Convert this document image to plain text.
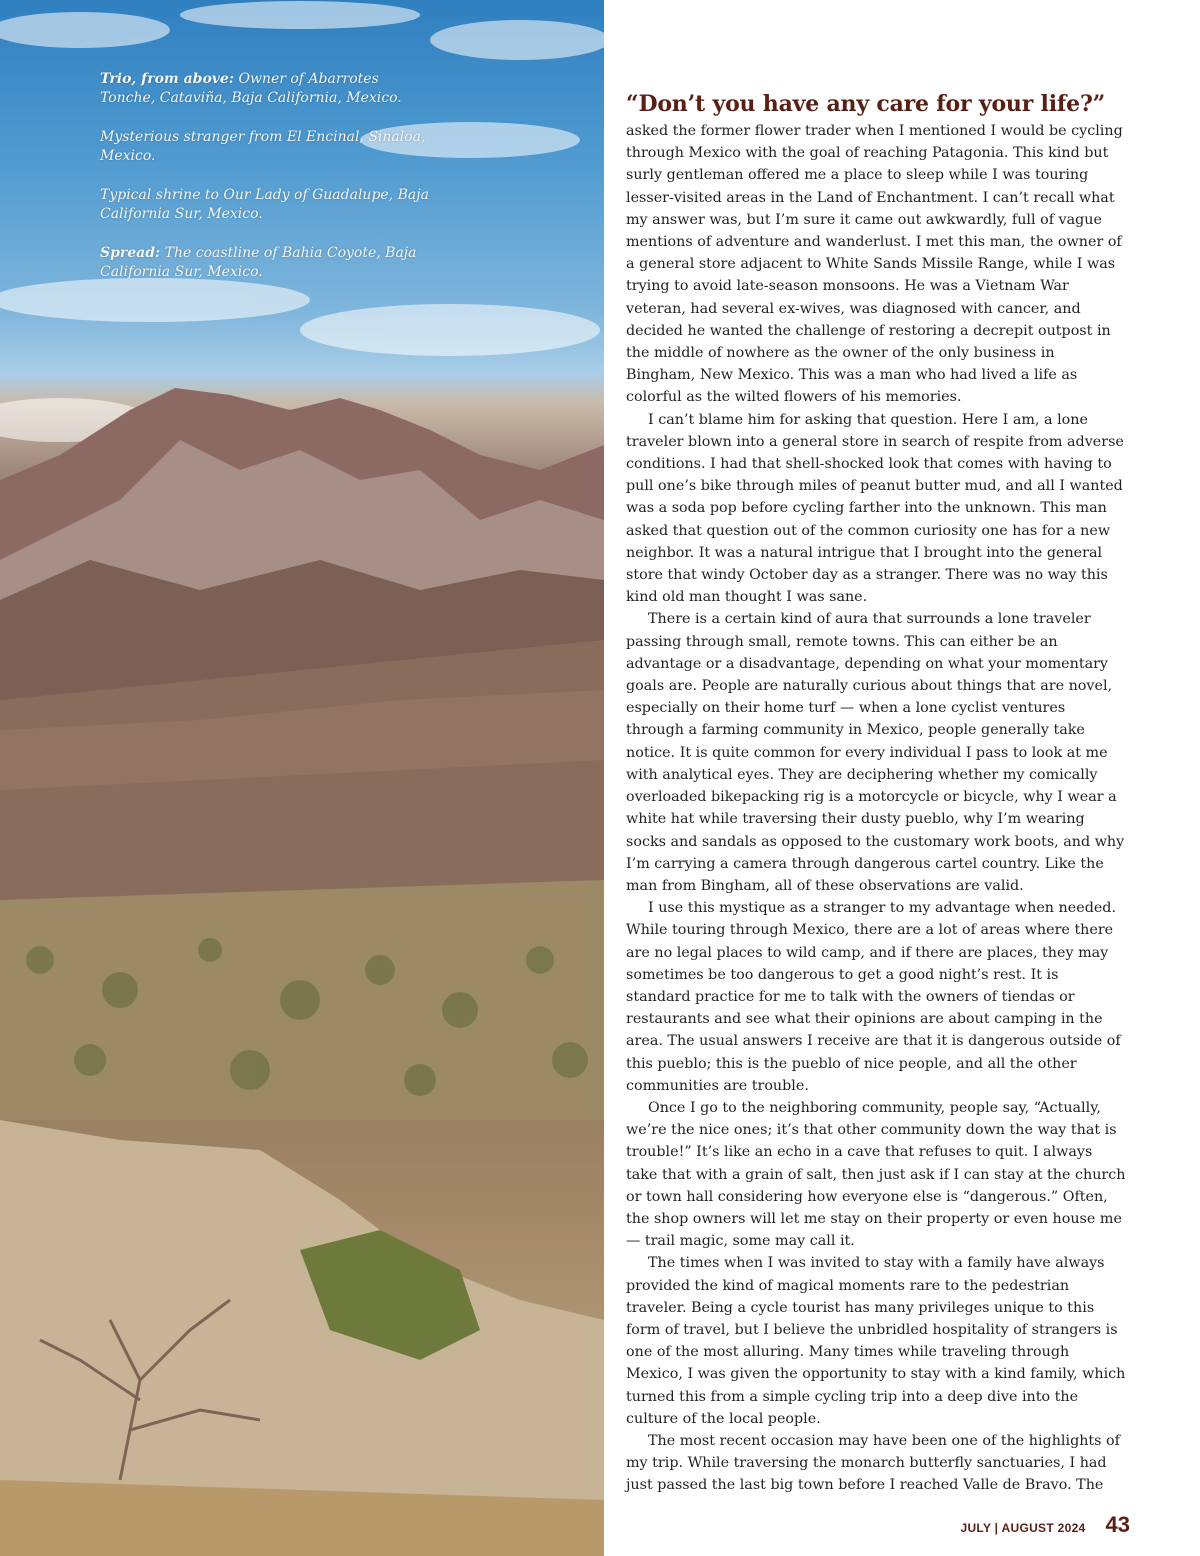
Trio, from above: Owner of Abarrotes Tonche, Cataviña, Baja California, Mexico.

Mysterious stranger from El Encinal, Sinaloa, Mexico.

Typical shrine to Our Lady of Guadalupe, Baja California Sur, Mexico.

Spread: The coastline of Bahia Coyote, Baja California Sur, Mexico.

“Don’t you have any care for your life?”

asked the former flower trader when I mentioned I would be cycling through Mexico with the goal of reaching Patagonia. This kind but surly gentleman offered me a place to sleep while I was touring lesser-visited areas in the Land of Enchantment. I can’t recall what my answer was, but I’m sure it came out awkwardly, full of vague mentions of adventure and wanderlust. I met this man, the owner of a general store adjacent to White Sands Missile Range, while I was trying to avoid late-season monsoons. He was a Vietnam War veteran, had several ex-wives, was diagnosed with cancer, and decided he wanted the challenge of restoring a decrepit outpost in the middle of nowhere as the owner of the only business in Bingham, New Mexico. This was a man who had lived a life as colorful as the wilted flowers of his memories.

I can’t blame him for asking that question. Here I am, a lone traveler blown into a general store in search of respite from adverse conditions. I had that shell-shocked look that comes with having to pull one’s bike through miles of peanut butter mud, and all I wanted was a soda pop before cycling farther into the unknown. This man asked that question out of the common curiosity one has for a new neighbor. It was a natural intrigue that I brought into the general store that windy October day as a stranger. There was no way this kind old man thought I was sane.

There is a certain kind of aura that surrounds a lone traveler passing through small, remote towns. This can either be an advantage or a disadvantage, depending on what your momentary goals are. People are naturally curious about things that are novel, especially on their home turf — when a lone cyclist ventures through a farming community in Mexico, people generally take notice. It is quite common for every individual I pass to look at me with analytical eyes. They are deciphering whether my comically overloaded bikepacking rig is a motorcycle or bicycle, why I wear a white hat while traversing their dusty pueblo, why I’m wearing socks and sandals as opposed to the customary work boots, and why I’m carrying a camera through dangerous cartel country. Like the man from Bingham, all of these observations are valid.

I use this mystique as a stranger to my advantage when needed. While touring through Mexico, there are a lot of areas where there are no legal places to wild camp, and if there are places, they may sometimes be too dangerous to get a good night’s rest. It is standard practice for me to talk with the owners of tiendas or restaurants and see what their opinions are about camping in the area. The usual answers I receive are that it is dangerous outside of this pueblo; this is the pueblo of nice people, and all the other communities are trouble.

Once I go to the neighboring community, people say, “Actually, we’re the nice ones; it’s that other community down the way that is trouble!” It’s like an echo in a cave that refuses to quit. I always take that with a grain of salt, then just ask if I can stay at the church or town hall considering how everyone else is “dangerous.” Often, the shop owners will let me stay on their property or even house me — trail magic, some may call it.

The times when I was invited to stay with a family have always provided the kind of magical moments rare to the pedestrian traveler. Being a cycle tourist has many privileges unique to this form of travel, but I believe the unbridled hospitality of strangers is one of the most alluring. Many times while traveling through Mexico, I was given the opportunity to stay with a kind family, which turned this from a simple cycling trip into a deep dive into the culture of the local people.

The most recent occasion may have been one of the highlights of my trip. While traversing the monarch butterfly sanctuaries, I had just passed the last big town before I reached Valle de Bravo. The

JULY | AUGUST 2024 43
